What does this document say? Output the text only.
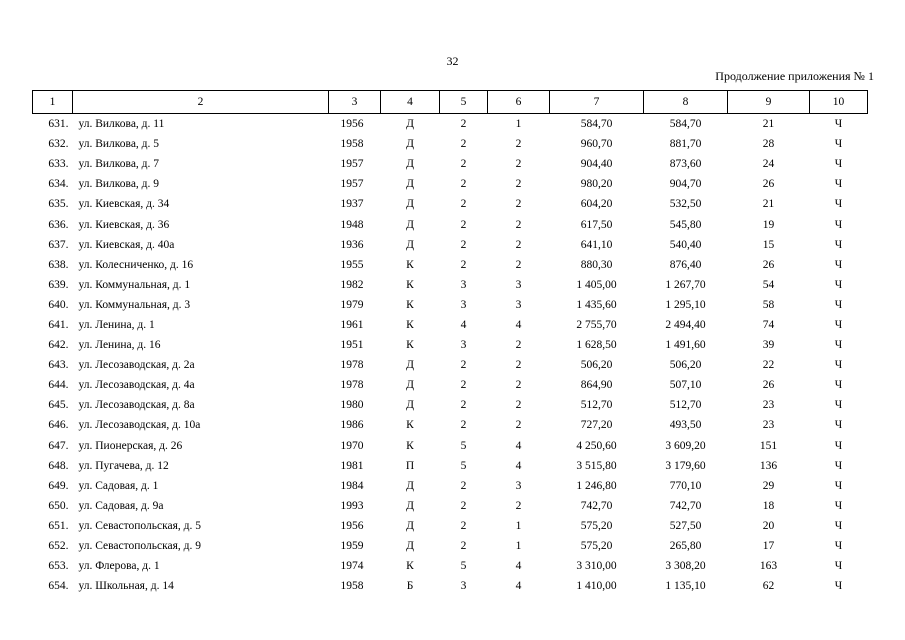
32
Продолжение приложения № 1
1	2	3	4	5	6	7	8	9	10
631.	ул. Вилкова, д. 11	1956	Д	2	1	584,70	584,70	21	Ч
632.	ул. Вилкова, д. 5	1958	Д	2	2	960,70	881,70	28	Ч
633.	ул. Вилкова, д. 7	1957	Д	2	2	904,40	873,60	24	Ч
634.	ул. Вилкова, д. 9	1957	Д	2	2	980,20	904,70	26	Ч
635.	ул. Киевская, д. 34	1937	Д	2	2	604,20	532,50	21	Ч
636.	ул. Киевская, д. 36	1948	Д	2	2	617,50	545,80	19	Ч
637.	ул. Киевская, д. 40а	1936	Д	2	2	641,10	540,40	15	Ч
638.	ул. Колесниченко, д. 16	1955	К	2	2	880,30	876,40	26	Ч
639.	ул. Коммунальная, д. 1	1982	К	3	3	1 405,00	1 267,70	54	Ч
640.	ул. Коммунальная, д. 3	1979	К	3	3	1 435,60	1 295,10	58	Ч
641.	ул. Ленина, д. 1	1961	К	4	4	2 755,70	2 494,40	74	Ч
642.	ул. Ленина, д. 16	1951	К	3	2	1 628,50	1 491,60	39	Ч
643.	ул. Лесозаводская, д. 2а	1978	Д	2	2	506,20	506,20	22	Ч
644.	ул. Лесозаводская, д. 4а	1978	Д	2	2	864,90	507,10	26	Ч
645.	ул. Лесозаводская, д. 8а	1980	Д	2	2	512,70	512,70	23	Ч
646.	ул. Лесозаводская, д. 10а	1986	К	2	2	727,20	493,50	23	Ч
647.	ул. Пионерская, д. 26	1970	К	5	4	4 250,60	3 609,20	151	Ч
648.	ул. Пугачева, д. 12	1981	П	5	4	3 515,80	3 179,60	136	Ч
649.	ул. Садовая, д. 1	1984	Д	2	3	1 246,80	770,10	29	Ч
650.	ул. Садовая, д. 9а	1993	Д	2	2	742,70	742,70	18	Ч
651.	ул. Севастопольская, д. 5	1956	Д	2	1	575,20	527,50	20	Ч
652.	ул. Севастопольская, д. 9	1959	Д	2	1	575,20	265,80	17	Ч
653.	ул. Флерова, д. 1	1974	К	5	4	3 310,00	3 308,20	163	Ч
654.	ул. Школьная, д. 14	1958	Б	3	4	1 410,00	1 135,10	62	Ч
